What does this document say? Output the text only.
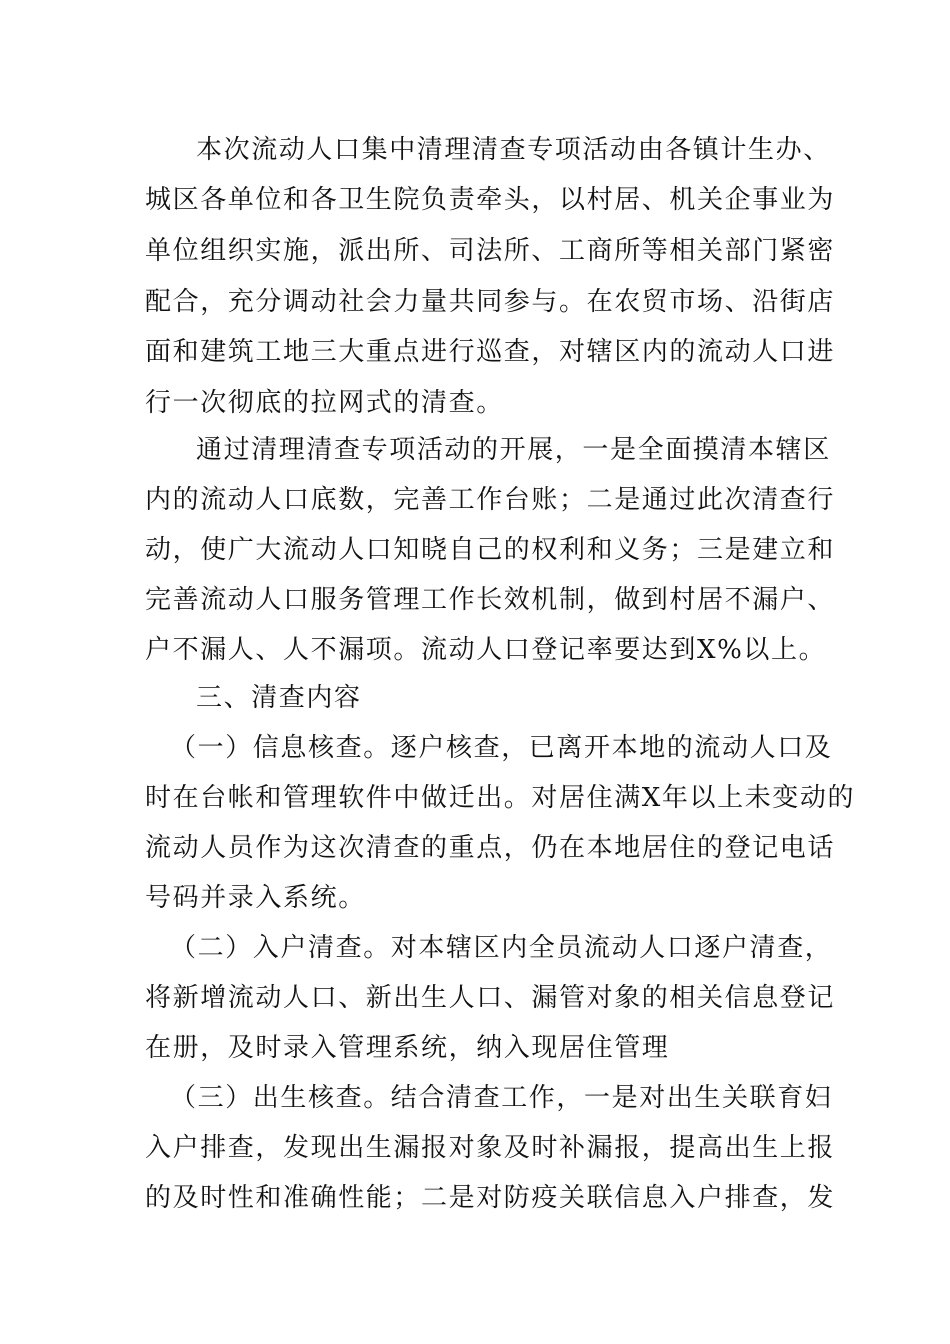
本次流动人口集中清理清查专项活动由各镇计生办、
城区各单位和各卫生院负责牵头，以村居、机关企事业为
单位组织实施，派出所、司法所、工商所等相关部门紧密
配合，充分调动社会力量共同参与。在农贸市场、沿街店
面和建筑工地三大重点进行巡查，对辖区内的流动人口进
行一次彻底的拉网式的清查。
通过清理清查专项活动的开展，一是全面摸清本辖区
内的流动人口底数，完善工作台账；二是通过此次清查行
动，使广大流动人口知晓自己的权利和义务；三是建立和
完善流动人口服务管理工作长效机制，做到村居不漏户、
户不漏人、人不漏项。流动人口登记率要达到X%以上。
三、清查内容
（一）信息核查。逐户核查，已离开本地的流动人口及
时在台帐和管理软件中做迁出。对居住满X年以上未变动的
流动人员作为这次清查的重点，仍在本地居住的登记电话
号码并录入系统。
（二）入户清查。对本辖区内全员流动人口逐户清查，
将新增流动人口、新出生人口、漏管对象的相关信息登记
在册，及时录入管理系统，纳入现居住管理
（三）出生核查。结合清查工作，一是对出生关联育妇
入户排查，发现出生漏报对象及时补漏报，提高出生上报
的及时性和准确性能；二是对防疫关联信息入户排查，发
